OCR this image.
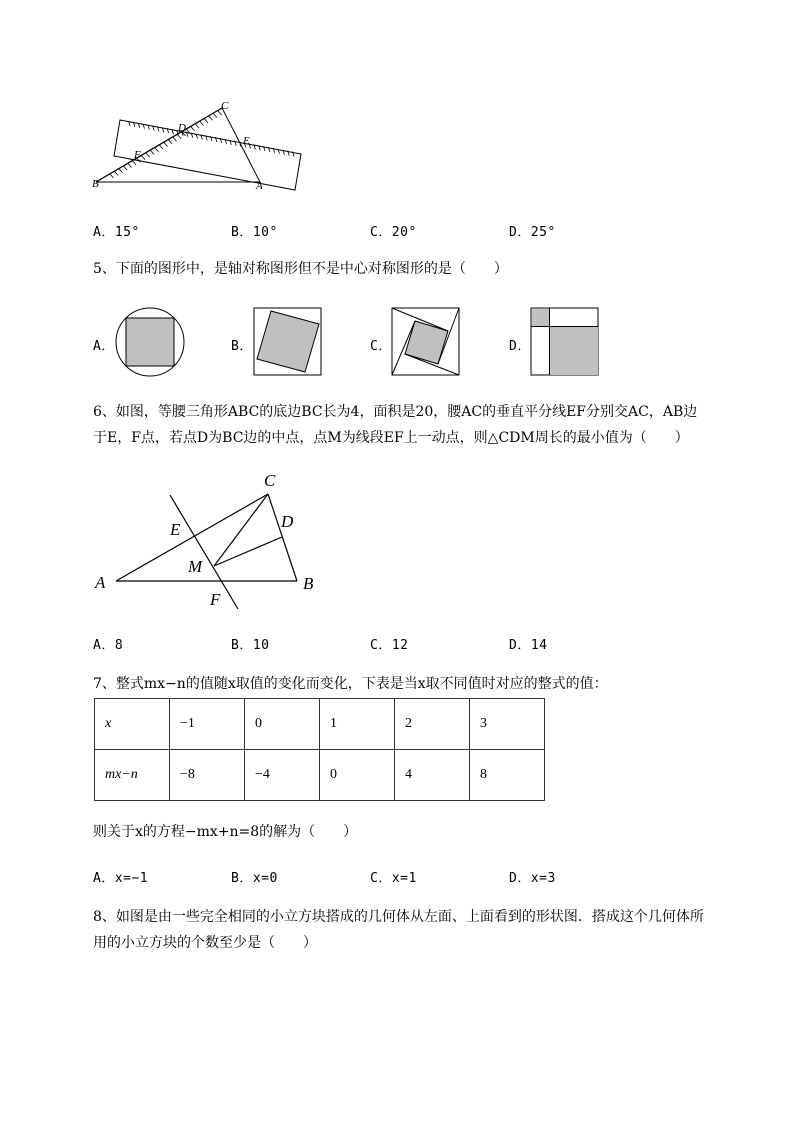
C
D
E
F
B	A
A．15°	B．10°	C．20°	D．25°
5、下面的图形中，是轴对称图形但不是中心对称图形的是（　　）
A．	B．	C．	D．
6、如图，等腰三角形ABC的底边BC长为4，面积是20，腰AC的垂直平分线EF分别交AC，AB边
于E，F点，若点D为BC边的中点，点M为线段EF上一动点，则△CDM周长的最小值为（　　）
C
D
E
M
A	B
F
A．8	B．10	C．12	D．14
7、整式mx−n的值随x取值的变化而变化，下表是当x取不同值时对应的整式的值：
x	−1	0	1	2	3
mx−n	−8	−4	0	4	8
则关于x的方程−mx+n=8的解为（　　）
A．x=−1	B．x=0	C．x=1	D．x=3
8、如图是由一些完全相同的小立方块搭成的几何体从左面、上面看到的形状图．搭成这个几何体所
用的小立方块的个数至少是（　　）
